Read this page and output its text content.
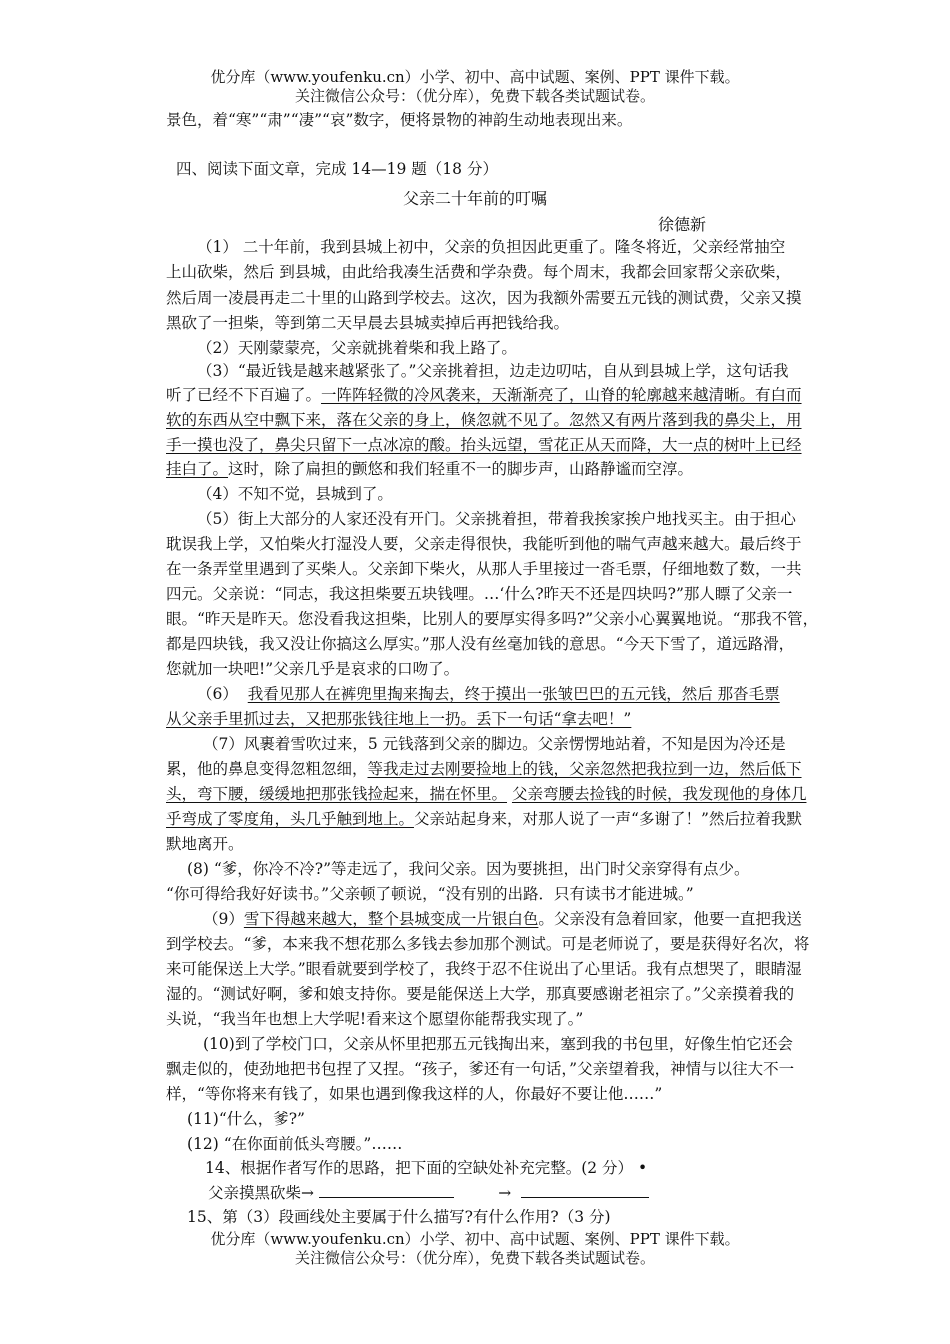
优分库（www.youfenku.cn）小学、初中、高中试题、案例、PPT 课件下载。
关注微信公众号：（优分库），免费下载各类试题试卷。
景色，着“寒”“肃”“凄”“哀”数字，便将景物的神韵生动地表现出来。
四、阅读下面文章，完成 14—19 题（18 分）
父亲二十年前的叮嘱
徐德新
（1） 二十年前，我到县城上初中，父亲的负担因此更重了。隆冬将近，父亲经常抽空
上山砍柴，然后 到县城，由此给我凑生活费和学杂费。每个周末，我都会回家帮父亲砍柴，
然后周一凌晨再走二十里的山路到学校去。这次，因为我额外需要五元钱的测试费，父亲又摸
黑砍了一担柴，等到第二天早晨去县城卖掉后再把钱给我。
（2）天刚蒙蒙亮，父亲就挑着柴和我上路了。
（3）“最近钱是越来越紧张了。”父亲挑着担，边走边叨咕，自从到县城上学，这句话我
听了已经不下百遍了。一阵阵轻微的冷风袭来，天渐渐亮了，山脊的轮廓越来越清晰。有白而
软的东西从空中飘下来，落在父亲的身上，倏忽就不见了。忽然又有两片落到我的鼻尖上，用
手一摸也没了，鼻尖只留下一点冰凉的酸。抬头远望，雪花正从天而降，大一点的树叶上已经
挂白了。这时，除了扁担的颤悠和我们轻重不一的脚步声，山路静谧而空淳。
（4）不知不觉，县城到了。
（5）街上大部分的人家还没有开门。父亲挑着担，带着我挨家挨户地找买主。由于担心
耽误我上学，又怕柴火打湿没人要，父亲走得很快，我能听到他的喘气声越来越大。最后终于
在一条弄堂里遇到了买柴人。父亲卸下柴火，从那人手里接过一沓毛票，仔细地数了数，一共
四元。父亲说：“同志，我这担柴要五块钱哩。…‘什么?昨天不还是四块吗?”那人瞟了父亲一
眼。“昨天是昨天。您没看我这担柴，比别人的要厚实得多吗?”父亲小心翼翼地说。“那我不管，
都是四块钱，我又没让你搞这么厚实。”那人没有丝毫加钱的意思。“今天下雪了，道远路滑，
您就加一块吧!”父亲几乎是哀求的口吻了。
（6） 我看见那人在裤兜里掏来掏去，终于摸出一张皱巴巴的五元钱，然后 那沓毛票
从父亲手里抓过去，又把那张钱往地上一扔。丢下一句话“拿去吧！”
（7）风裹着雪吹过来，5 元钱落到父亲的脚边。父亲愣愣地站着，不知是因为冷还是
累，他的鼻息变得忽粗忽细，等我走过去刚要捡地上的钱，父亲忽然把我拉到一边，然后低下
头，弯下腰，缓缓地把那张钱捡起来，揣在怀里。 父亲弯腰去捡钱的时候，我发现他的身体几
乎弯成了零度角，头几乎触到地上。父亲站起身来，对那人说了一声“多谢了！”然后拉着我默
默地离开。
(8) “爹，你冷不冷?”等走远了，我问父亲。因为要挑担，出门时父亲穿得有点少。
“你可得给我好好读书。”父亲顿了顿说，“没有别的出路．只有读书才能进城。”
（9）雪下得越来越大，整个县城变成一片银白色。父亲没有急着回家，他要一直把我送
到学校去。“爹，本来我不想花那么多钱去参加那个测试。可是老师说了，要是获得好名次，将
来可能保送上大学。”眼看就要到学校了，我终于忍不住说出了心里话。我有点想哭了，眼睛湿
湿的。“测试好啊，爹和娘支持你。要是能保送上大学，那真要感谢老祖宗了。”父亲摸着我的
头说，“我当年也想上大学呢!看来这个愿望你能帮我实现了。”
(10)到了学校门口，父亲从怀里把那五元钱掏出来，塞到我的书包里，好像生怕它还会
飘走似的，使劲地把书包捏了又捏。“孩子，爹还有一句话，”父亲望着我，神情与以往大不一
样，“等你将来有钱了，如果也遇到像我这样的人，你最好不要让他……”
(11)“什么，爹?”
(12) “在你面前低头弯腰。”……
14、根据作者写作的思路，把下面的空缺处补充完整。(2 分） •
父亲摸黑砍柴→	→
15、第（3）段画线处主要属于什么描写?有什么作用?（3 分)
优分库（www.youfenku.cn）小学、初中、高中试题、案例、PPT 课件下载。
关注微信公众号：（优分库），免费下载各类试题试卷。
